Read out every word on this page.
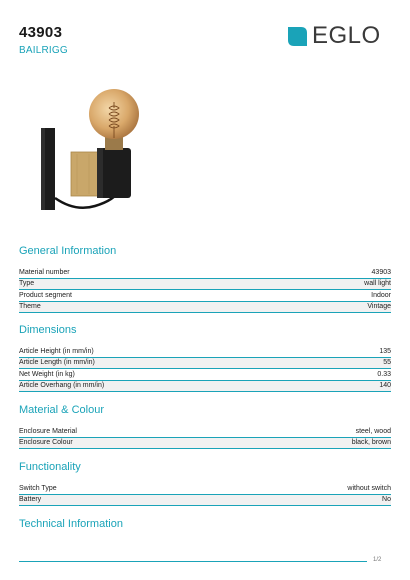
43903
BAILRIGG
EGLO
General Information
Material number	43903
Type	wall light
Product segment	Indoor
Theme	Vintage
Dimensions
Article Height (in mm/in)	135
Article Length (in mm/in)	55
Net Weight (in kg)	0.33
Article Overhang (in mm/in)	140
Material & Colour
Enclosure Material	steel, wood
Enclosure Colour	black, brown
Functionality
Switch Type	without switch
Battery	No
Technical Information
1/2
